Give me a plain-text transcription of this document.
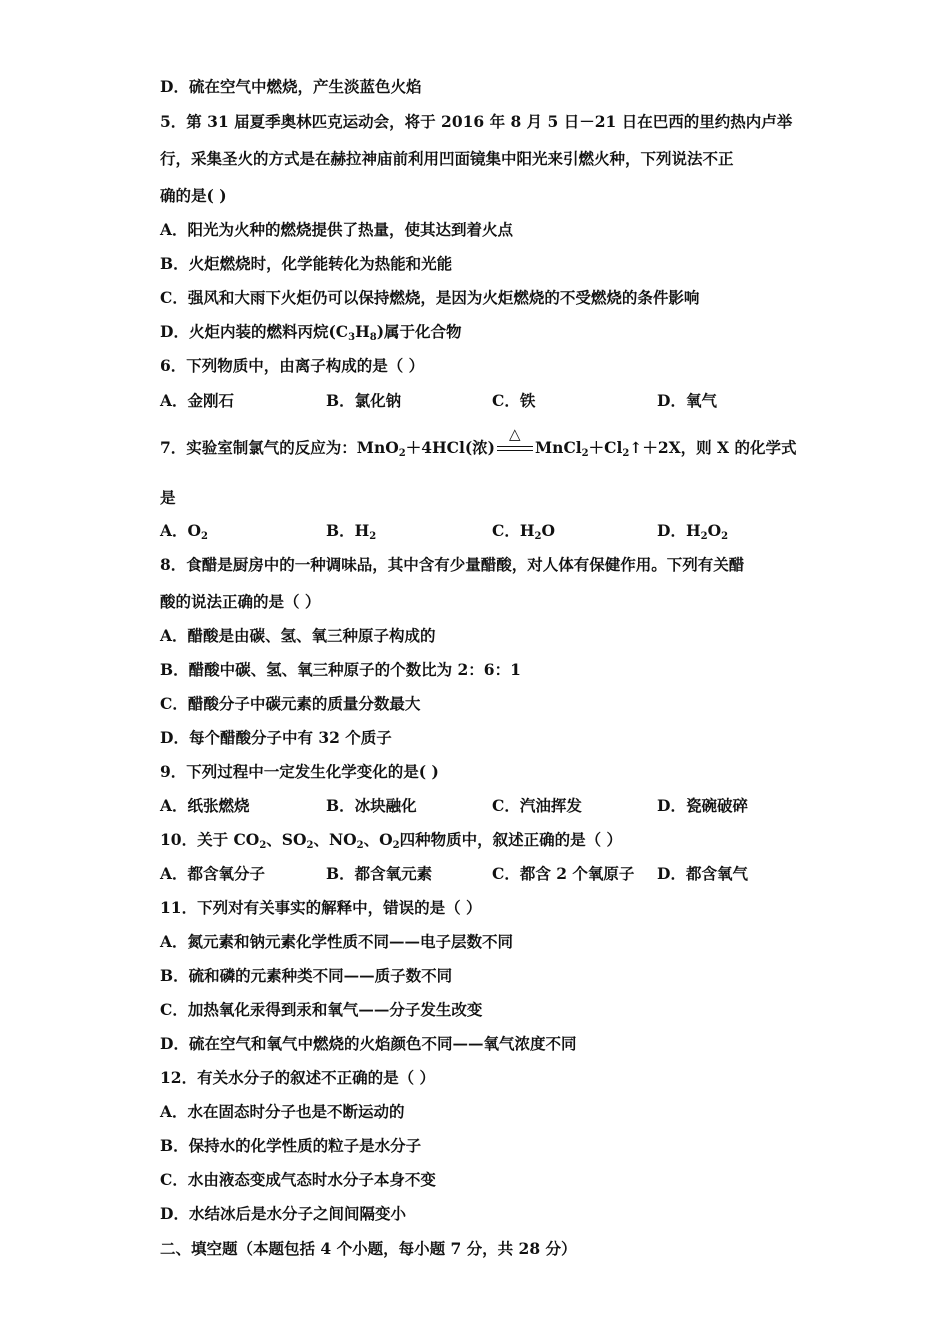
D．硫在空气中燃烧，产生淡蓝色火焰
5．第 31 届夏季奥林匹克运动会，将于 2016 年 8 月 5 日－21 日在巴西的里约热内卢举
行，采集圣火的方式是在赫拉神庙前利用凹面镜集中阳光来引燃火种，下列说法不正
确的是( )
A．阳光为火种的燃烧提供了热量，使其达到着火点
B．火炬燃烧时，化学能转化为热能和光能
C．强风和大雨下火炬仍可以保持燃烧，是因为火炬燃烧的不受燃烧的条件影响
D．火炬内装的燃料丙烷$(C_3H_8)$属于化合物
6．下列物质中，由离子构成的是（ ）
A．金刚石	B．氯化钠	C．铁	D．氧气
7．实验室制氯气的反应为：MnO$_2$＋4HCl(浓)
△
$MnCl_2+Cl_2↑+2X$，则 X 的化学式
是
A．$O_2$	B．$H_2$	C．$H_2O$	D．$H_2O_2$
8．食醋是厨房中的一种调味品，其中含有少量醋酸，对人体有保健作用。下列有关醋
酸的说法正确的是（ ）
A．醋酸是由碳、氢、氧三种原子构成的
B．醋酸中碳、氢、氧三种原子的个数比为 2：6：1
C．醋酸分子中碳元素的质量分数最大
D．每个醋酸分子中有 32 个质子
9．下列过程中一定发生化学变化的是( )
A．纸张燃烧	B．冰块融化	C．汽油挥发	D．瓷碗破碎
10．关于 $CO_2$、$SO_2$、$NO_2$、$O_2$四种物质中，叙述正确的是（ ）
A．都含氧分子	B．都含氧元素	C．都含 2 个氧原子 D．都含氧气
11．下列对有关事实的解释中，错误的是（ ）
A．氮元素和钠元素化学性质不同——电子层数不同
B．硫和磷的元素种类不同——质子数不同
C．加热氧化汞得到汞和氧气——分子发生改变
D．硫在空气和氧气中燃烧的火焰颜色不同——氧气浓度不同
12．有关水分子的叙述不正确的是（ ）
A．水在固态时分子也是不断运动的
B．保持水的化学性质的粒子是水分子
C．水由液态变成气态时水分子本身不变
D．水结冰后是水分子之间间隔变小
二、填空题（本题包括 4 个小题，每小题 7 分，共 28 分）
